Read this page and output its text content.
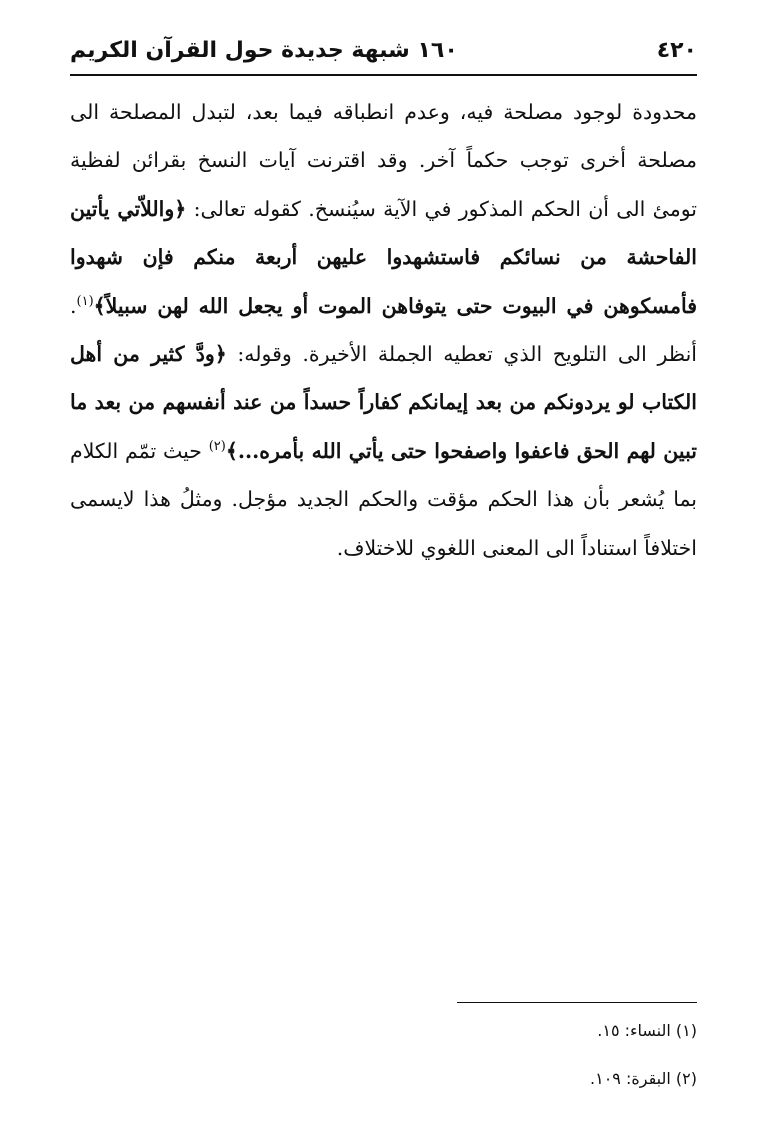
٤٢٠
١٦٠ شبهة جديدة حول القرآن الكريم

محدودة لوجود مصلحة فيه، وعدم انطباقه فيما بعد، لتبدل المصلحة الى مصلحة أخرى توجب حكماً آخر. وقد اقترنت آيات النسخ بقرائن لفظية تومئ الى أن الحكم المذكور في الآية سيُنسخ. كقوله تعالى: ﴿واللاّتي يأتين الفاحشة من نسائكم فاستشهدوا عليهن أربعة منكم فإن شهدوا فأمسكوهن في البيوت حتى يتوفاهن الموت أو يجعل الله لهن سبيلاً﴾$^{(١)}$. أنظر الى التلويح الذي تعطيه الجملة الأخيرة. وقوله: ﴿ودَّ كثير من أهل الكتاب لو يردونكم من بعد إيمانكم كفاراً حسداً من عند أنفسهم من بعد ما تبين لهم الحق فاعفوا واصفحوا حتى يأتي الله بأمره...﴾$^{(٢)}$ حيث تمّم الكلام بما يُشعر بأن هذا الحكم مؤقت والحكم الجديد مؤجل. ومثلُ هذا لايسمى اختلافاً استناداً الى المعنى اللغوي للاختلاف.

(١) النساء: ١٥.

(٢) البقرة: ١٠٩.
